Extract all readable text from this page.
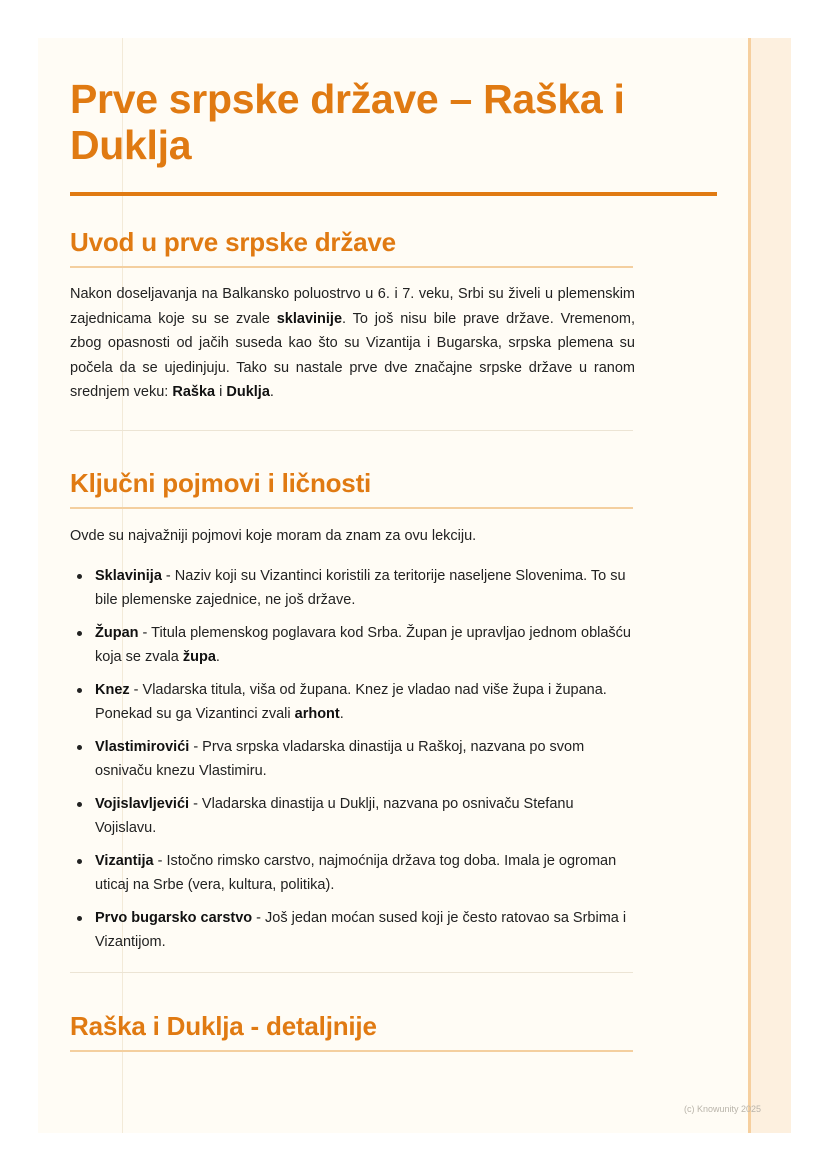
Prve srpske države – Raška i Duklja
Uvod u prve srpske države

Nakon doseljavanja na Balkansko poluostrvo u 6. i 7. veku, Srbi su živeli u plemenskim zajednicama koje su se zvale sklavinije. To još nisu bile prave države. Vremenom, zbog opasnosti od jačih suseda kao što su Vizantija i Bugarska, srpska plemena su počela da se ujedinjuju. Tako su nastale prve dve značajne srpske države u ranom srednjem veku: Raška i Duklja.

Ključni pojmovi i ličnosti

Ovde su najvažniji pojmovi koje moram da znam za ovu lekciju.

Sklavinija - Naziv koji su Vizantinci koristili za teritorije naseljene Slovenima. To su bile plemenske zajednice, ne još države.
Župan - Titula plemenskog poglavara kod Srba. Župan je upravljao jednom oblašću koja se zvala župa.
Knez - Vladarska titula, viša od župana. Knez je vladao nad više župa i župana. Ponekad su ga Vizantinci zvali arhont.
Vlastimirovići - Prva srpska vladarska dinastija u Raškoj, nazvana po svom osnivaču knezu Vlastimiru.
Vojislavljevići - Vladarska dinastija u Duklji, nazvana po osnivaču Stefanu Vojislavu.
Vizantija - Istočno rimsko carstvo, najmoćnija država tog doba. Imala je ogroman uticaj na Srbe (vera, kultura, politika).
Prvo bugarsko carstvo - Još jedan moćan sused koji je često ratovao sa Srbima i Vizantijom.
Raška i Duklja - detaljnije
(c) Knowunity 2025
